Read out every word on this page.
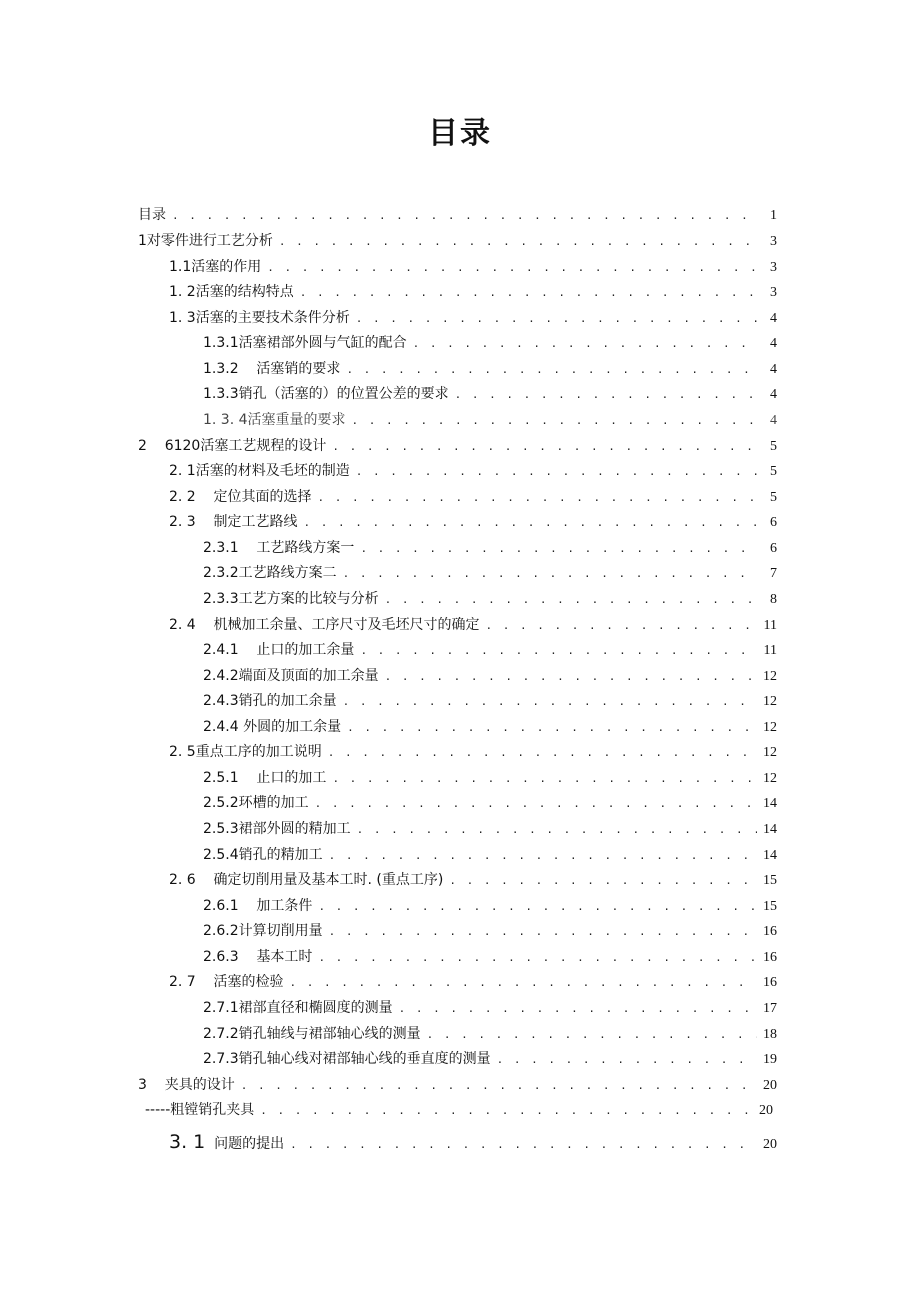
目录
目录 . . .	1
1对零件进行工艺分析 . . .	3
1.1活塞的作用 . . .	3
1. 2活塞的结构特点 . . .	3
1. 3活塞的主要技术条件分析 . . .	4
1.3.1活塞裙部外圆与气缸的配合 . . .	4
1.3.2    活塞销的要求 . . .	4
1.3.3销孔（活塞的）的位置公差的要求 . . .	4
1. 3. 4活塞重量的要求 . . .	4
2    6120活塞工艺规程的设计 . . .	5
2. 1活塞的材料及毛坯的制造 . . .	5
2. 2    定位其面的选择 . . .	5
2. 3    制定工艺路线 . . .	6
2.3.1    工艺路线方案一 . . .	6
2.3.2工艺路线方案二 . . .	7
2.3.3工艺方案的比较与分析 . . .	8
2. 4    机械加工余量、工序尺寸及毛坯尺寸的确定 . . .	11
2.4.1    止口的加工余量 . . .	11
2.4.2端面及顶面的加工余量 . . .	12
2.4.3销孔的加工余量 . . .	12
2.4.4 外圆的加工余量 . . .	12
2. 5重点工序的加工说明 . . .	12
2.5.1    止口的加工 . . .	12
2.5.2环槽的加工 . . .	14
2.5.3裙部外圆的精加工 . . .	14
2.5.4销孔的精加工 . . .	14
2. 6    确定切削用量及基本工时. (重点工序) . . .	15
2.6.1    加工条件 . . .	15
2.6.2计算切削用量 . . .	16
2.6.3    基本工时 . . .	16
2. 7    活塞的检验 . . .	16
2.7.1裙部直径和椭圆度的测量 . . .	17
2.7.2销孔轴线与裙部轴心线的测量 . . .	18
2.7.3销孔轴心线对裙部轴心线的垂直度的测量 . . .	19
3    夹具的设计 . . .	20
-----粗镗销孔夹具 . . .	20
3. 1 问题的提出 . . .	20
